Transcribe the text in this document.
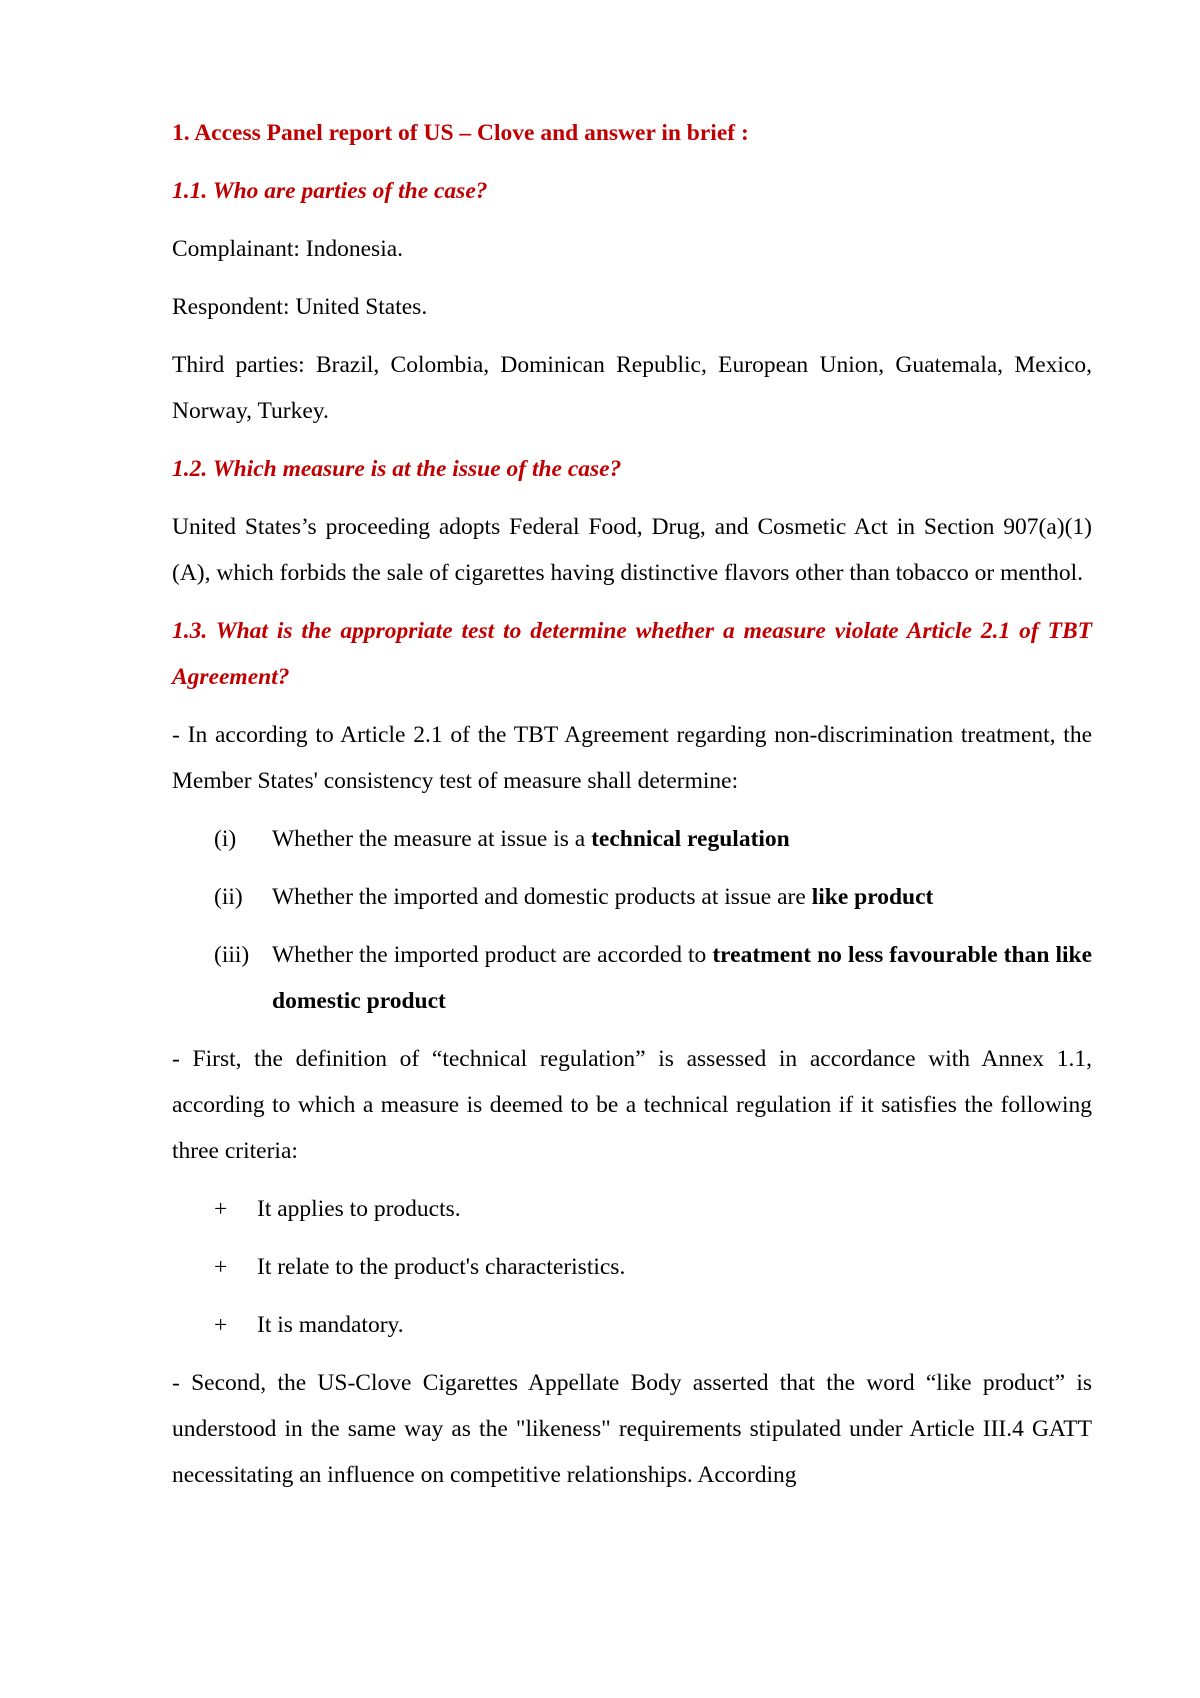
1. Access Panel report of US – Clove and answer in brief :

1.1. Who are parties of the case?

Complainant: Indonesia.

Respondent: United States.

Third parties: Brazil, Colombia, Dominican Republic, European Union, Guatemala, Mexico, Norway, Turkey.

1.2. Which measure is at the issue of the case?

United States’s proceeding adopts Federal Food, Drug, and Cosmetic Act in Section 907(a)(1)(A), which forbids the sale of cigarettes having distinctive flavors other than tobacco or menthol.

1.3. What is the appropriate test to determine whether a measure violate Article 2.1 of TBT Agreement?

- In according to Article 2.1 of the TBT Agreement regarding non-discrimination treatment, the Member States' consistency test of measure shall determine:

(i)	Whether the measure at issue is a technical regulation
(ii)	Whether the imported and domestic products at issue are like product
(iii) Whether the imported product are accorded to treatment no less favourable than like domestic product

- First, the definition of “technical regulation” is assessed in accordance with Annex 1.1, according to which a measure is deemed to be a technical regulation if it satisfies the following three criteria:

+	It applies to products.
+	It relate to the product's characteristics.
+	It is mandatory.

- Second, the US-Clove Cigarettes Appellate Body asserted that the word “like product” is understood in the same way as the "likeness" requirements stipulated under Article III.4 GATT necessitating an influence on competitive relationships. According
